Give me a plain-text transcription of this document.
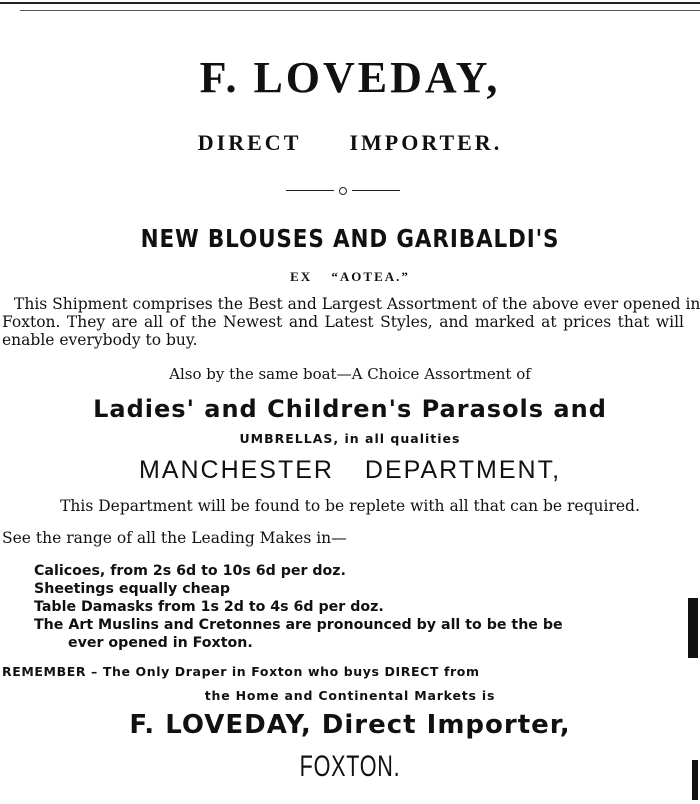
F. LOVEDAY,
DIRECT IMPORTER.
NEW BLOUSES AND GARIBALDI'S
EX “AOTEA.”

This Shipment comprises the Best and Largest Assortment of the above ever opened in

Foxton. They are all of the Newest and Latest Styles, and marked at prices that will

enable everybody to buy.

Also by the same boat—A Choice Assortment of
Ladies' and Children's Parasols and
UMBRELLAS, in all qualities
MANCHESTER DEPARTMENT,
This Department will be found to be replete with all that can be required.
See the range of all the Leading Makes in—
Calicoes, from 2s 6d to 10s 6d per doz.
Sheetings equally cheap
Table Damasks from 1s 2d to 4s 6d per doz.
The Art Muslins and Cretonnes are pronounced by all to be the be
ever opened in Foxton.
REMEMBER – The Only Draper in Foxton who buys DIRECT from
the Home and Continental Markets is
F. LOVEDAY, Direct Importer,
FOXTON.
